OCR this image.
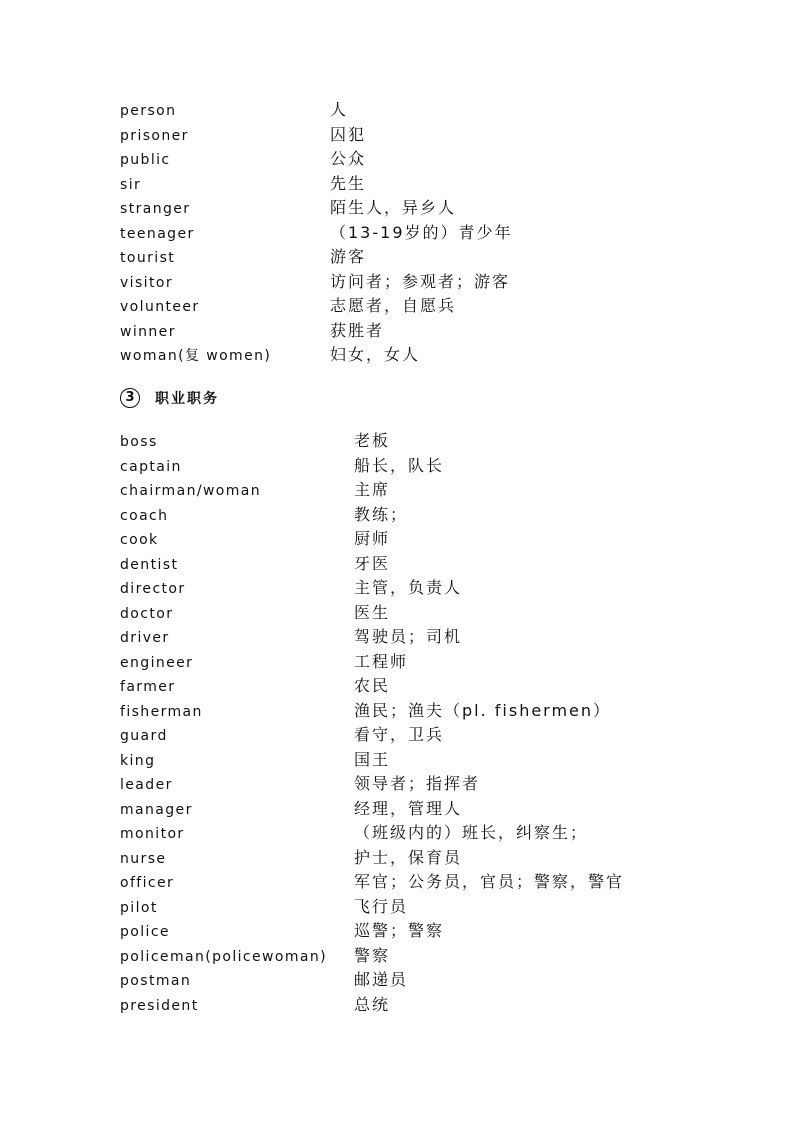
person	人
prisoner	囚犯
public	公众
sir	先生
stranger	陌生人，异乡人
teenager	（13-19岁的）青少年
tourist	游客
visitor	访问者；参观者；游客
volunteer	志愿者，自愿兵
winner	获胜者
woman(复 women)	妇女，女人
3	职业职务
boss	老板
captain	船长，队长
chairman/woman	主席
coach	教练；
cook	厨师
dentist	牙医
director	主管，负责人
doctor	医生
driver	驾驶员；司机
engineer	工程师
farmer	农民
fisherman	渔民；渔夫（pl. fishermen）
guard	看守，卫兵
king	国王
leader	领导者；指挥者
manager	经理，管理人
monitor	（班级内的）班长，纠察生；
nurse	护士，保育员
officer	军官；公务员，官员；警察，警官
pilot	飞行员
police	巡警；警察
policeman(policewoman) 警察
postman	邮递员
president	总统
